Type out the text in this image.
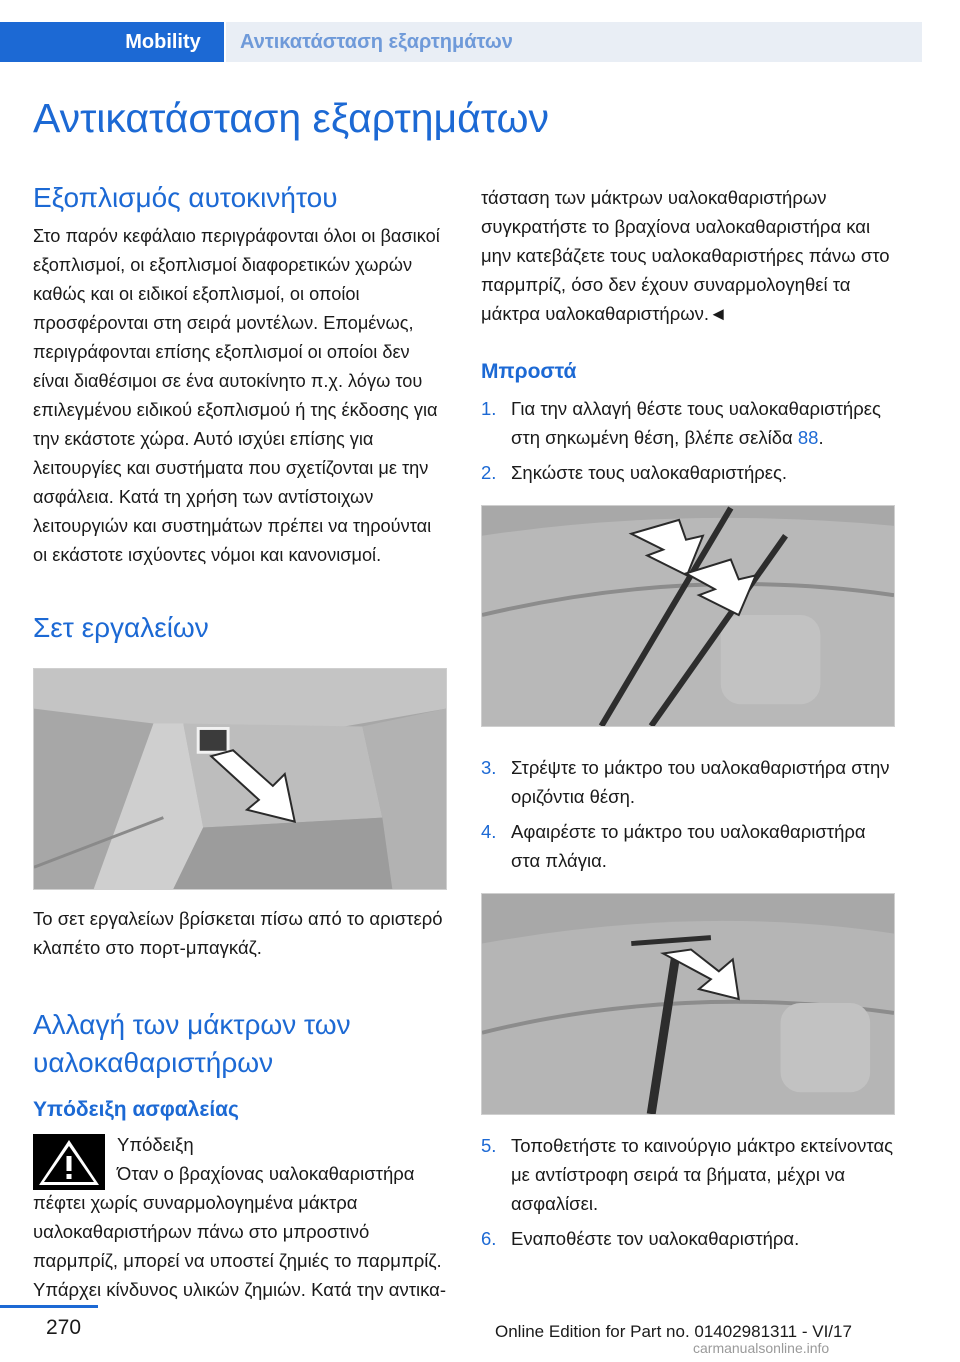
Mobility	Αντικατάσταση εξαρτημάτων
Αντικατάσταση εξαρτημάτων
Εξοπλισμός αυτοκινήτου

Στο παρόν κεφάλαιο περιγράφονται όλοι οι βασικοί εξοπλισμοί, οι εξοπλισμοί διαφορετικών χωρών καθώς και οι ειδικοί εξοπλισμοί, οι οποίοι προσφέρονται στη σειρά μοντέλων. Επομένως, περιγράφονται επίσης εξοπλισμοί οι οποίοι δεν είναι διαθέσιμοι σε ένα αυτοκίνητο π.χ. λόγω του επιλεγμένου ειδικού εξοπλισμού ή της έκδοσης για την εκάστοτε χώρα. Αυτό ισχύει επίσης για λειτουργίες και συστήματα που σχετίζονται με την ασφάλεια. Κατά τη χρήση των αντίστοιχων λειτουργιών και συστημάτων πρέπει να τηρούνται οι εκάστοτε ισχύοντες νόμοι και κανονισμοί.

Σετ εργαλείων

Το σετ εργαλείων βρίσκεται πίσω από το αριστερό κλαπέτο στο πορτ-μπαγκάζ.

Αλλαγή των μάκτρων των υαλοκαθαριστήρων
Υπόδειξη ασφαλείας

Υπόδειξη

Όταν ο βραχίονας υαλοκαθαριστήρα

πέφτει χωρίς συναρμολογημένα μάκτρα υαλοκαθαριστήρων πάνω στο μπροστινό παρμπρίζ, μπορεί να υποστεί ζημιές το παρμπρίζ. Υπάρχει κίνδυνος υλικών ζημιών. Κατά την αντικα-

τάσταση των μάκτρων υαλοκαθαριστήρων συγκρατήστε το βραχίονα υαλοκαθαριστήρα και μην κατεβάζετε τους υαλοκαθαριστήρες πάνω στο παρμπρίζ, όσο δεν έχουν συναρμολογηθεί τα μάκτρα υαλοκαθαριστήρων.◄

Μπροστά
1. Για την αλλαγή θέστε τους υαλοκαθαριστήρες στη σηκωμένη θέση, βλέπε σελίδα 88.
2. Σηκώστε τους υαλοκαθαριστήρες.
3. Στρέψτε το μάκτρο του υαλοκαθαριστήρα στην οριζόντια θέση.
4. Αφαιρέστε το μάκτρο του υαλοκαθαριστήρα στα πλάγια.
5. Τοποθετήστε το καινούργιο μάκτρο εκτείνοντας με αντίστροφη σειρά τα βήματα, μέχρι να ασφαλίσει.
6. Εναποθέστε τον υαλοκαθαριστήρα.
270	Online Edition for Part no. 01402981311 - VI/17
carmanualsonline.info
